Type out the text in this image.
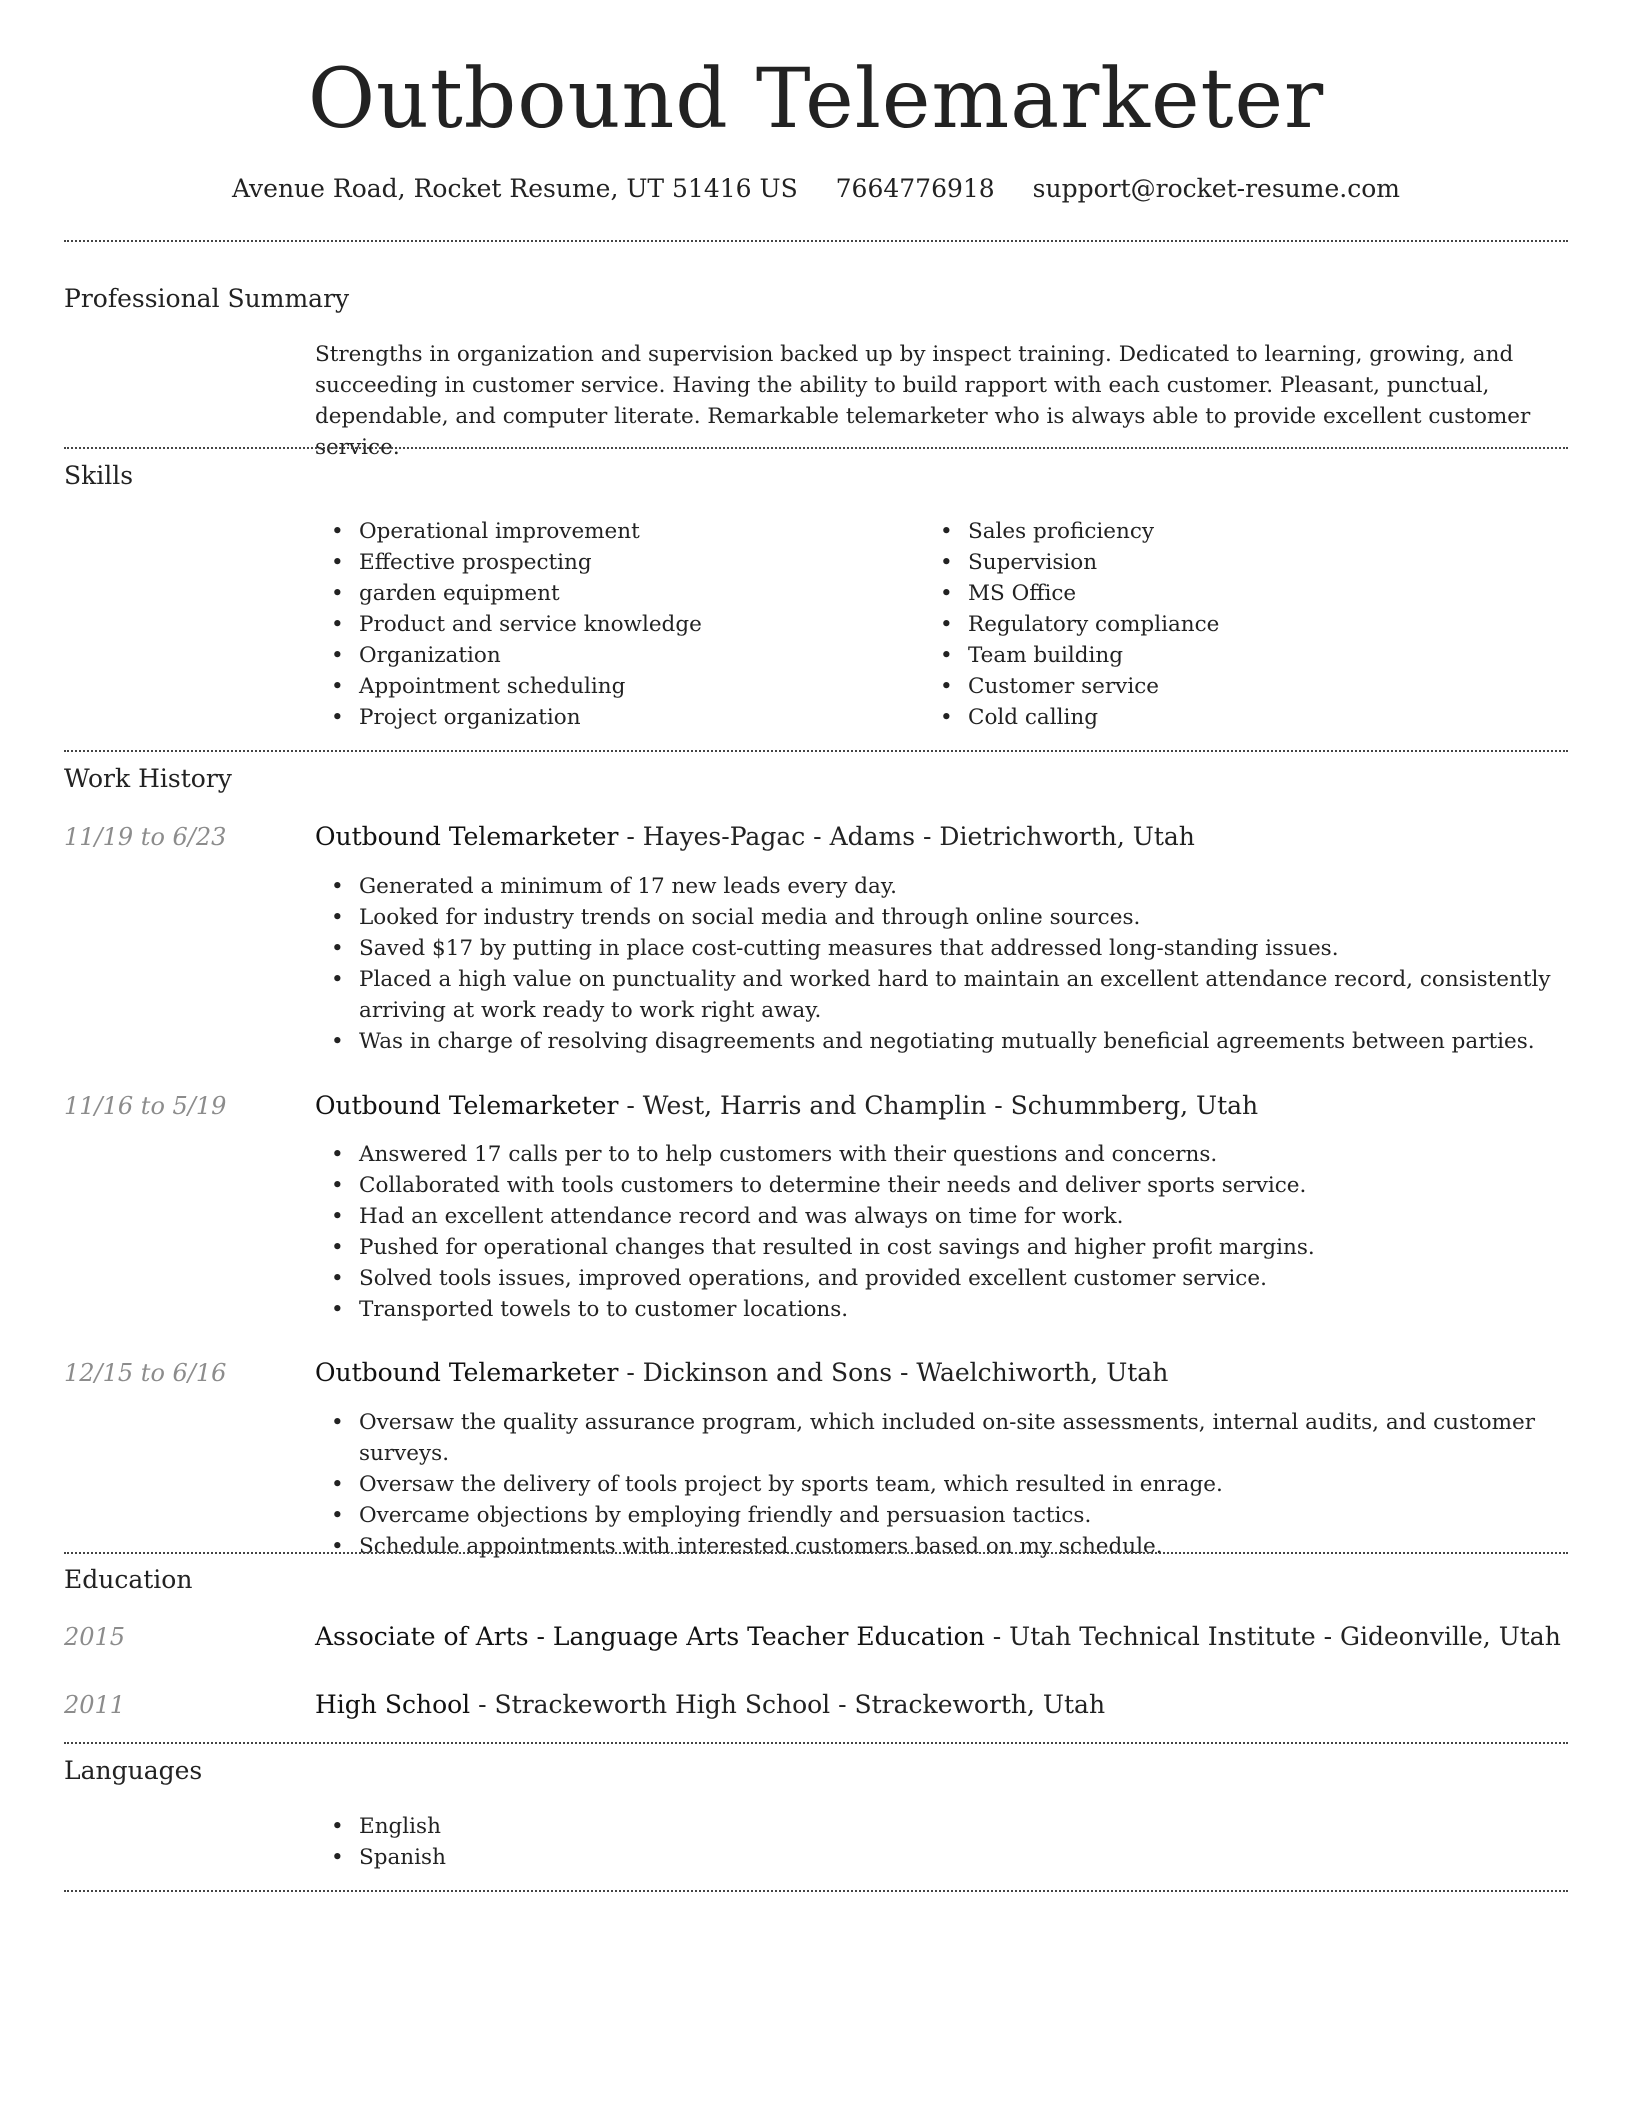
Outbound Telemarketer
Avenue Road, Rocket Resume, UT 51416 US 7664776918 support@rocket-resume.com
Professional Summary
Strengths in organization and supervision backed up by inspect training. Dedicated to learning, growing, and succeeding in customer service. Having the ability to build rapport with each customer. Pleasant, punctual, dependable, and computer literate. Remarkable telemarketer who is always able to provide excellent customer service.
Skills
• Operational improvement
• Effective prospecting
• garden equipment
• Product and service knowledge
• Organization
• Appointment scheduling
• Project organization
• Sales proficiency
• Supervision
• MS Office
• Regulatory compliance
• Team building
• Customer service
• Cold calling
Work History
11/19 to 6/23	Outbound Telemarketer - Hayes-Pagac - Adams - Dietrichworth, Utah
• Generated a minimum of 17 new leads every day.
• Looked for industry trends on social media and through online sources.
• Saved $17 by putting in place cost-cutting measures that addressed long-standing issues.
• Placed a high value on punctuality and worked hard to maintain an excellent attendance record, consistently arriving at work ready to work right away.
• Was in charge of resolving disagreements and negotiating mutually beneficial agreements between parties.
11/16 to 5/19	Outbound Telemarketer - West, Harris and Champlin - Schummberg, Utah
• Answered 17 calls per to to help customers with their questions and concerns.
• Collaborated with tools customers to determine their needs and deliver sports service.
• Had an excellent attendance record and was always on time for work.
• Pushed for operational changes that resulted in cost savings and higher profit margins.
• Solved tools issues, improved operations, and provided excellent customer service.
• Transported towels to to customer locations.
12/15 to 6/16	Outbound Telemarketer - Dickinson and Sons - Waelchiworth, Utah
• Oversaw the quality assurance program, which included on-site assessments, internal audits, and customer surveys.
• Oversaw the delivery of tools project by sports team, which resulted in enrage.
• Overcame objections by employing friendly and persuasion tactics.
• Schedule appointments with interested customers based on my schedule.
Education
2015	Associate of Arts - Language Arts Teacher Education - Utah Technical Institute - Gideonville, Utah
2011	High School - Strackeworth High School - Strackeworth, Utah
Languages
• English
• Spanish
